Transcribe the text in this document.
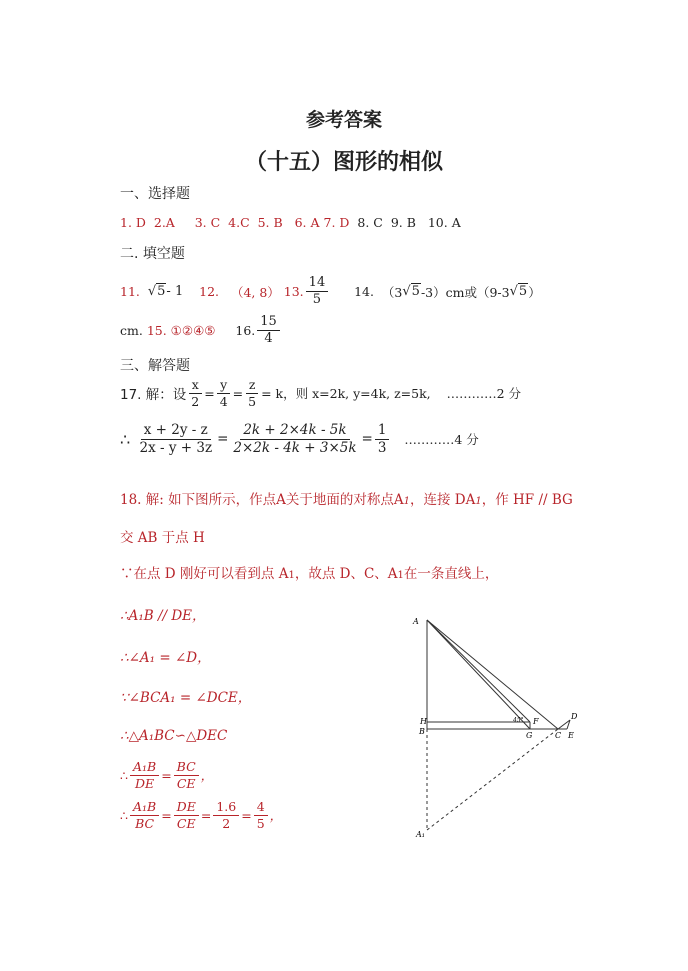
参考答案
（十五）图形的相似
一、选择题
1. D 2.A 3. C 4.C 5. B 6. A 7. D 8. C 9. B 10. A
二. 填空题
11.
√5 - 1
12.
（4, 8）
13. $\frac{14}{5}$
14.
（3 √5 -3）cm或（9-3 √5 ）
cm.
15. ①②④⑤
16. $\frac{15}{4}$
三、解答题
17. 解：设 $\frac{x}{2} = \frac{y}{4} = \frac{z}{5} = k$，则 x=2k, y=4k, z=5k,
…………2 分
∴
$\frac{x + 2y - z}{2x - y + 3z} = \frac{2k + 2\times 4k - 5k}{2\times 2k - 4k + 3\times 5k} = \frac{1}{3}$
…………4 分
18. 解: 如下图所示，作点A关于地面的对称点A1，连接 DA1，作 HF // BG
交 AB 于点 H
∵在点 D 刚好可以看到点 A1，故点 D、C、A1在一条直线上，
∴A₁B // DE，
∴∠A₁ = ∠D，
∵∠BCA₁ = ∠DCE，
∴△A₁BC∽△DEC
∴ $\frac{\text{A₁B}}{DE} = \frac{BC}{CE}$ ，
∴ $\frac{\text{A₁B}}{BC} = \frac{DE}{CE} = \frac{1.6}{2} = \frac{4}{5}$ ，
A
H
B
A₁
45° F
G	C
D
E
